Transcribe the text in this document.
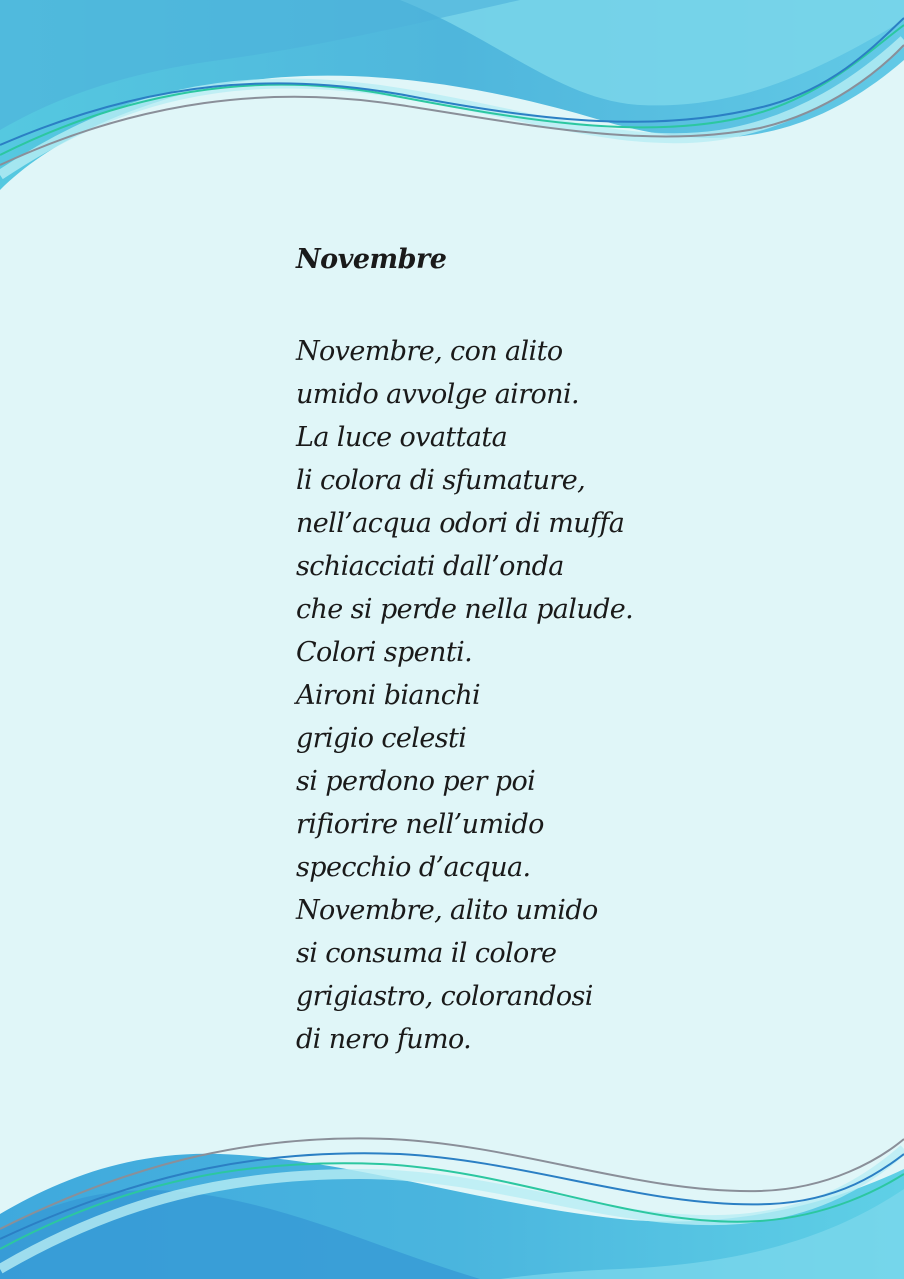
Novembre
Novembre, con alito
umido avvolge aironi.
La luce ovattata
li colora di sfumature,
nell’acqua odori di muffa
schiacciati dall’onda
che si perde nella palude.
Colori spenti.
Aironi bianchi
grigio celesti
si perdono per poi
rifiorire nell’umido
specchio d’acqua.
Novembre, alito umido
si consuma il colore
grigiastro, colorandosi
di nero fumo.
